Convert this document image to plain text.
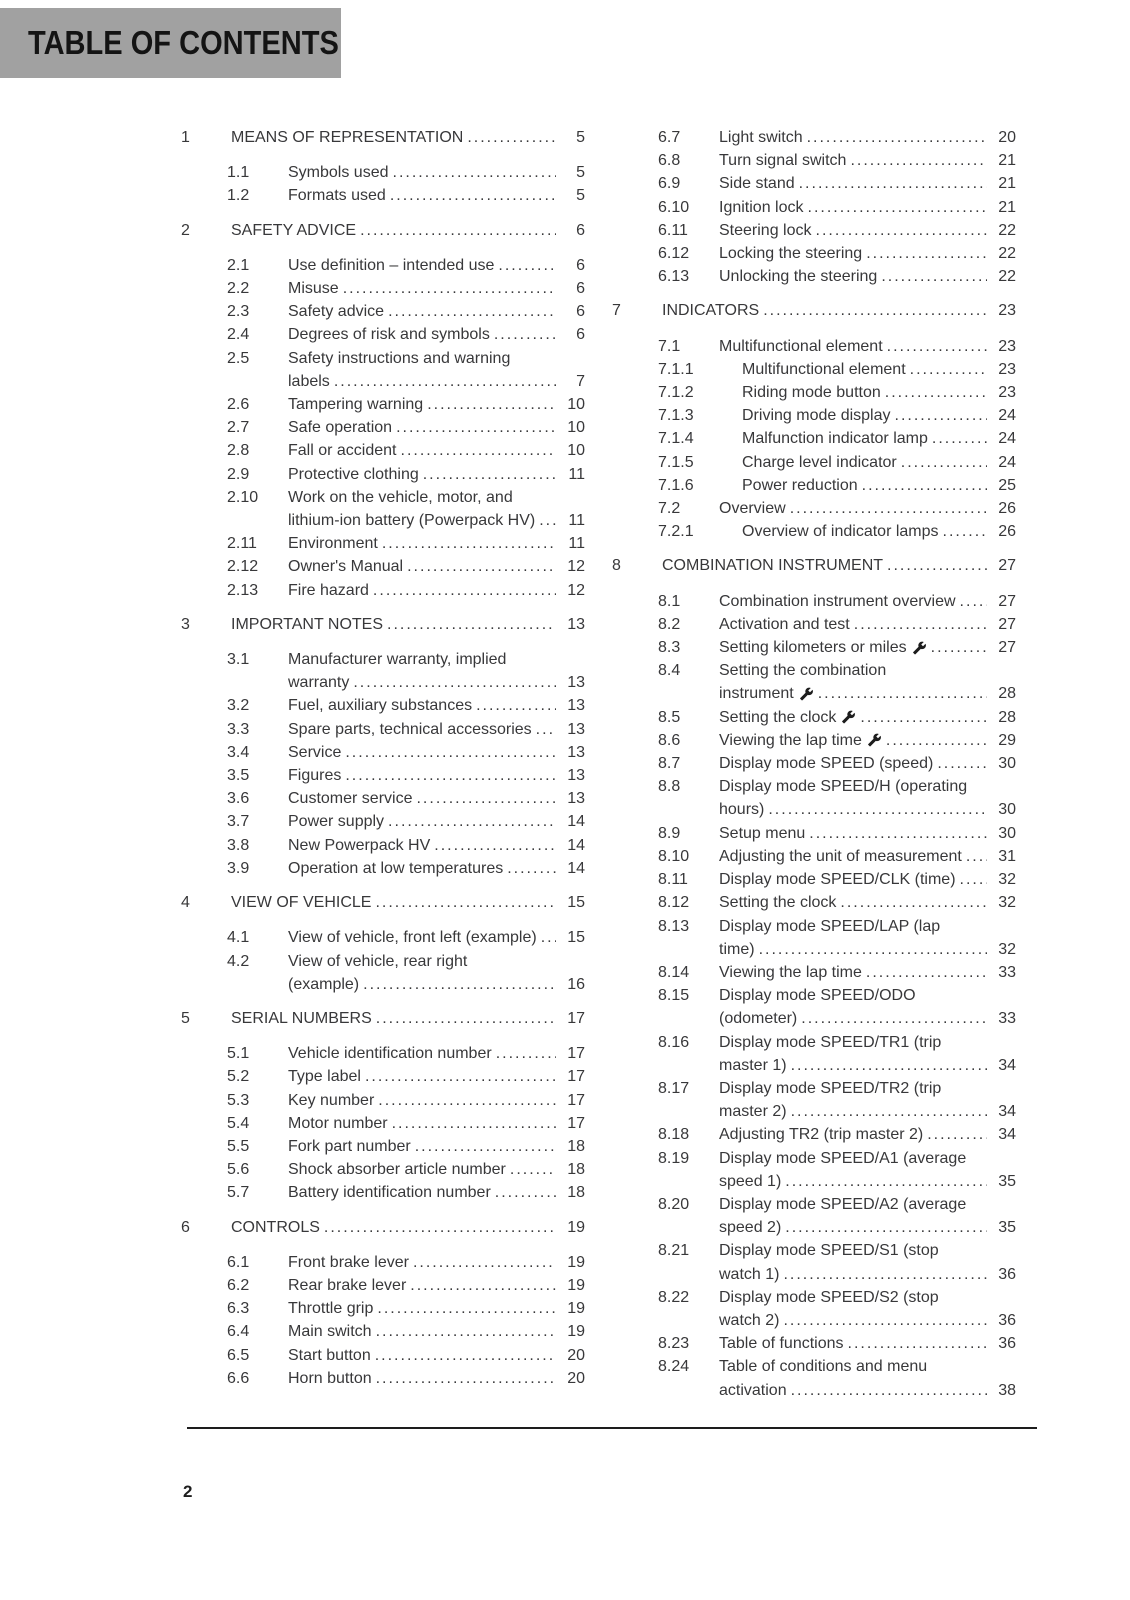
TABLE OF CONTENTS
1	MEANS OF REPRESENTATION .....	5
1.1	Symbols used .....	5
1.2	Formats used .....	5
2	SAFETY ADVICE .....	6
2.1	Use definition – intended use .....	6
2.2	Misuse .....	6
2.3	Safety advice .....	6
2.4	Degrees of risk and symbols .....	6
2.5	Safety instructions and warning
labels .....	7
2.6	Tampering warning .....	10
2.7	Safe operation .....	10
2.8	Fall or accident .....	10
2.9	Protective clothing .....	11
2.10	Work on the vehicle, motor, and
lithium-ion battery (Powerpack HV) .....	11
2.11	Environment .....	11
2.12	Owner's Manual .....	12
2.13	Fire hazard .....	12
3	IMPORTANT NOTES .....	13
3.1	Manufacturer warranty, implied
warranty .....	13
3.2	Fuel, auxiliary substances .....	13
3.3	Spare parts, technical accessories .....	13
3.4	Service .....	13
3.5	Figures .....	13
3.6	Customer service .....	13
3.7	Power supply .....	14
3.8	New Powerpack HV .....	14
3.9	Operation at low temperatures .....	14
4	VIEW OF VEHICLE .....	15
4.1	View of vehicle, front left (example) .....	15
4.2	View of vehicle, rear right
(example) .....	16
5	SERIAL NUMBERS .....	17
5.1	Vehicle identification number .....	17
5.2	Type label .....	17
5.3	Key number .....	17
5.4	Motor number .....	17
5.5	Fork part number .....	18
5.6	Shock absorber article number .....	18
5.7	Battery identification number .....	18
6	CONTROLS .....	19
6.1	Front brake lever .....	19
6.2	Rear brake lever .....	19
6.3	Throttle grip .....	19
6.4	Main switch .....	19
6.5	Start button .....	20
6.6	Horn button .....	20
6.7	Light switch .....	20
6.8	Turn signal switch .....	21
6.9	Side stand .....	21
6.10	Ignition lock .....	21
6.11	Steering lock .....	22
6.12	Locking the steering .....	22
6.13	Unlocking the steering .....	22
7	INDICATORS .....	23
7.1	Multifunctional element .....	23
7.1.1	Multifunctional element .....	23
7.1.2	Riding mode button .....	23
7.1.3	Driving mode display .....	24
7.1.4	Malfunction indicator lamp .....	24
7.1.5	Charge level indicator .....	24
7.1.6	Power reduction .....	25
7.2	Overview .....	26
7.2.1	Overview of indicator lamps .....	26
8	COMBINATION INSTRUMENT .....	27
8.1	Combination instrument overview .....	27
8.2	Activation and test .....	27
8.3	Setting kilometers or miles .....	27
8.4	Setting the combination
instrument .....	28
8.5	Setting the clock .....	28
8.6	Viewing the lap time .....	29
8.7	Display mode SPEED (speed) .....	30
8.8	Display mode SPEED/H (operating
hours) .....	30
8.9	Setup menu .....	30
8.10	Adjusting the unit of measurement .....	31
8.11	Display mode SPEED/CLK (time) .....	32
8.12	Setting the clock .....	32
8.13	Display mode SPEED/LAP (lap
time) .....	32
8.14	Viewing the lap time .....	33
8.15	Display mode SPEED/ODO
(odometer) .....	33
8.16	Display mode SPEED/TR1 (trip
master 1) .....	34
8.17	Display mode SPEED/TR2 (trip
master 2) .....	34
8.18	Adjusting TR2 (trip master 2) .....	34
8.19	Display mode SPEED/A1 (average
speed 1) .....	35
8.20	Display mode SPEED/A2 (average
speed 2) .....	35
8.21	Display mode SPEED/S1 (stop
watch 1) .....	36
8.22	Display mode SPEED/S2 (stop
watch 2) .....	36
8.23	Table of functions .....	36
8.24	Table of conditions and menu
activation .....	38
2
